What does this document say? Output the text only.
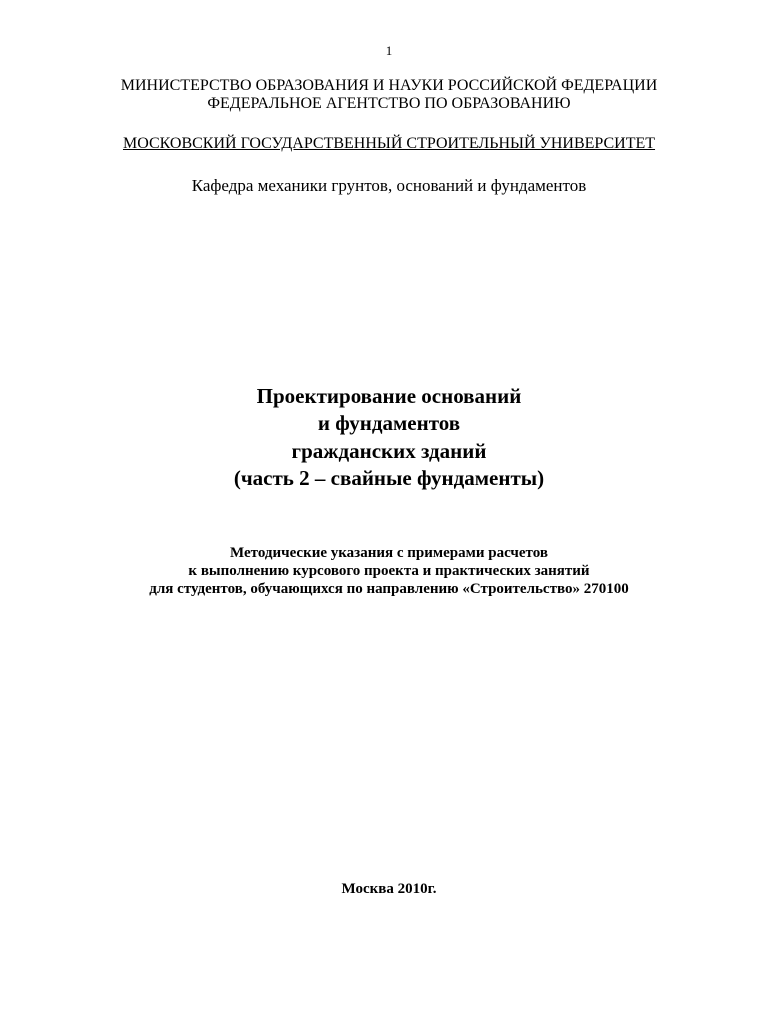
1
МИНИСТЕРСТВО ОБРАЗОВАНИЯ И НАУКИ РОССИЙСКОЙ ФЕДЕРАЦИИ
ФЕДЕРАЛЬНОЕ АГЕНТСТВО ПО ОБРАЗОВАНИЮ
МОСКОВСКИЙ ГОСУДАРСТВЕННЫЙ СТРОИТЕЛЬНЫЙ УНИВЕРСИТЕТ
Кафедра механики грунтов, оснований и фундаментов
Проектирование оснований
и фундаментов
гражданских зданий
(часть 2 – свайные фундаменты)
Методические указания с примерами расчетов
к выполнению курсового проекта и практических занятий
для студентов, обучающихся по направлению «Строительство» 270100
Москва 2010г.
